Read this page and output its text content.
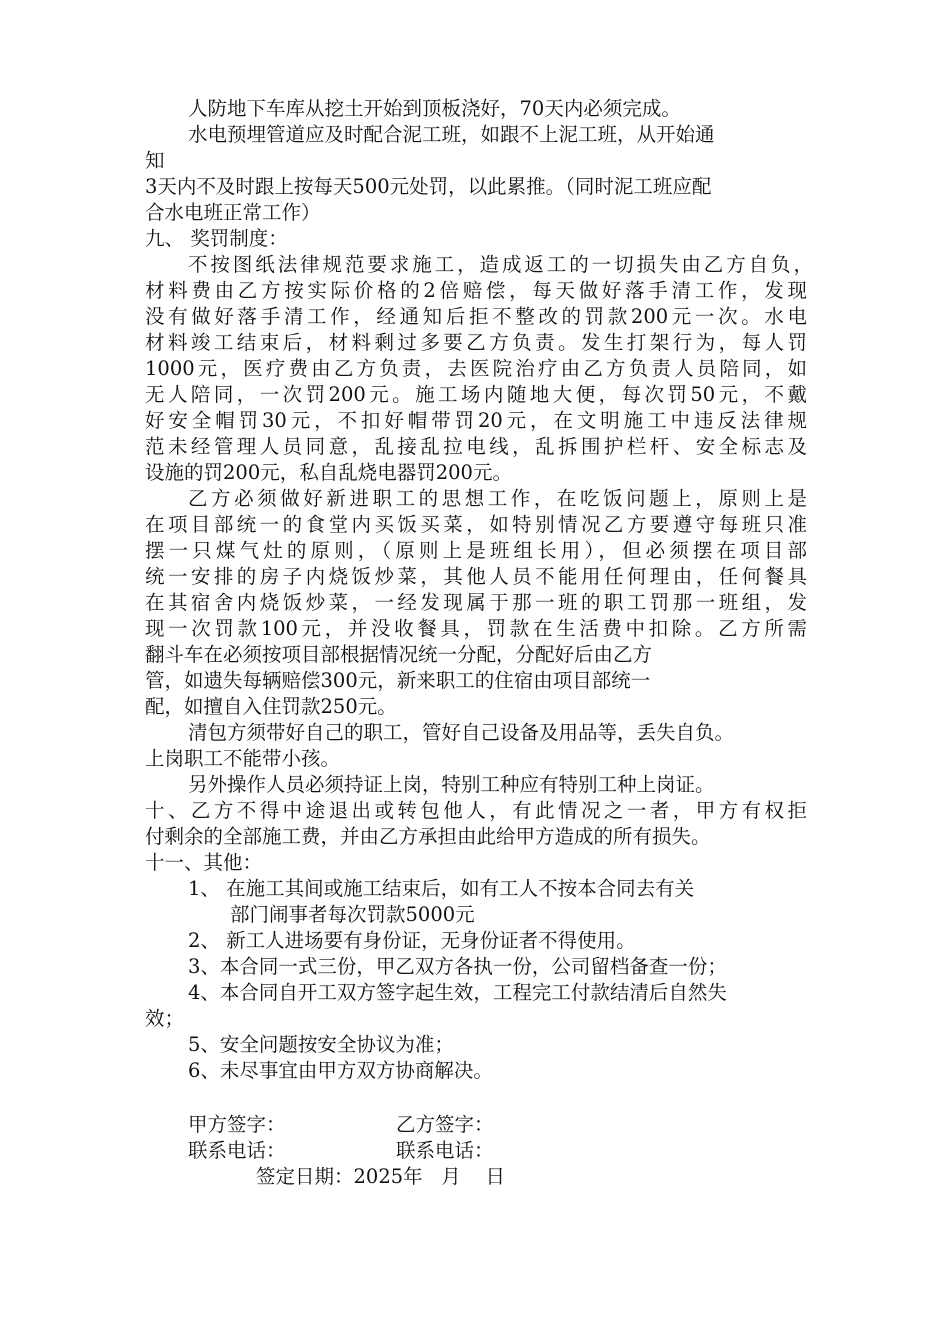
人防地下车库从挖土开始到顶板浇好，70天内必须完成。
水电预埋管道应及时配合泥工班，如跟不上泥工班，从开始通
知
3天内不及时跟上按每天500元处罚，以此累推。（同时泥工班应配
合水电班正常工作）
九、 奖罚制度：
不按图纸法律规范要求施工，造成返工的一切损失由乙方自负，
材料费由乙方按实际价格的2倍赔偿，每天做好落手清工作，发现
没有做好落手清工作，经通知后拒不整改的罚款200元一次。水电
材料竣工结束后，材料剩过多要乙方负责。发生打架行为，每人罚
1000元，医疗费由乙方负责，去医院治疗由乙方负责人员陪同，如
无人陪同，一次罚200元。施工场内随地大便，每次罚50元，不戴
好安全帽罚30元，不扣好帽带罚20元，在文明施工中违反法律规
范未经管理人员同意，乱接乱拉电线，乱拆围护栏杆、安全标志及
设施的罚200元，私自乱烧电器罚200元。
乙方必须做好新进职工的思想工作，在吃饭问题上，原则上是
在项目部统一的食堂内买饭买菜，如特别情况乙方要遵守每班只准
摆一只煤气灶的原则，（原则上是班组长用），但必须摆在项目部
统一安排的房子内烧饭炒菜，其他人员不能用任何理由，任何餐具
在其宿舍内烧饭炒菜，一经发现属于那一班的职工罚那一班组，发
现一次罚款100元，并没收餐具，罚款在生活费中扣除。乙方所需
翻斗车在必须按项目部根据情况统一分配，分配好后由乙方
管，如遗失每辆赔偿300元，新来职工的住宿由项目部统一
配，如擅自入住罚款250元。
清包方须带好自己的职工，管好自己设备及用品等，丢失自负。
上岗职工不能带小孩。
另外操作人员必须持证上岗，特别工种应有特别工种上岗证。
十、乙方不得中途退出或转包他人，有此情况之一者，甲方有权拒
付剩余的全部施工费，并由乙方承担由此给甲方造成的所有损失。
十一、其他：
1、 在施工其间或施工结束后，如有工人不按本合同去有关
部门闹事者每次罚款5000元
2、 新工人进场要有身份证，无身份证者不得使用。
3、本合同一式三份，甲乙双方各执一份，公司留档备查一份；
4、本合同自开工双方签字起生效，工程完工付款结清后自然失
效；
5、安全问题按安全协议为准；
6、未尽事宜由甲方双方协商解决。
甲方签字：	乙方签字：
联系电话：	联系电话：
签定日期：2025年   月    日
